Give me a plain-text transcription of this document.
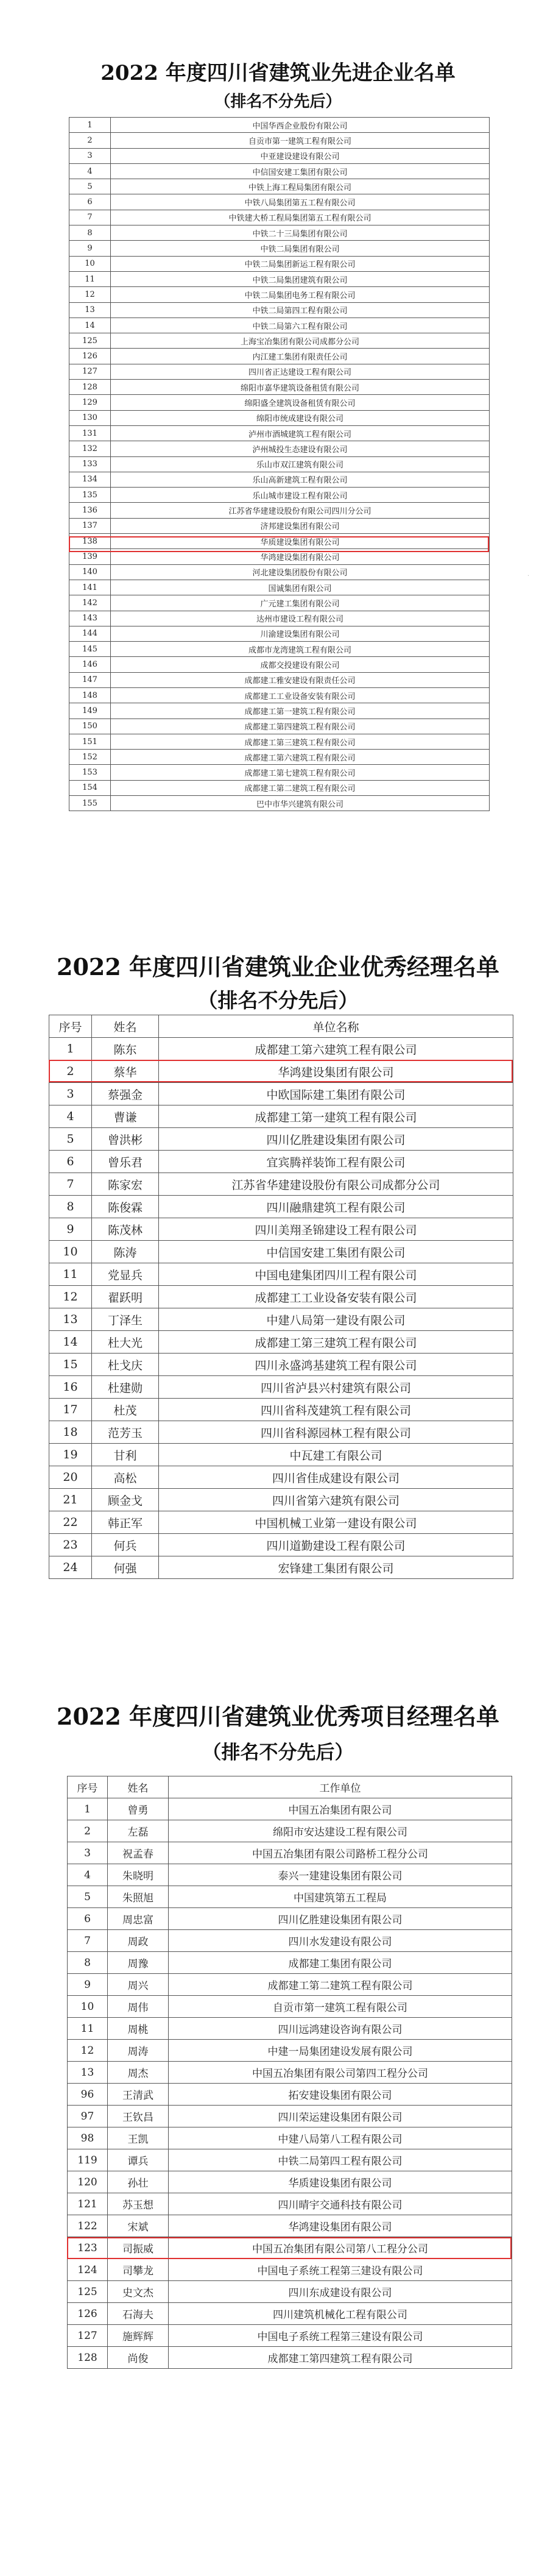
2022 年度四川省建筑业先进企业名单
（排名不分先后）
1	中国华西企业股份有限公司
2	自贡市第一建筑工程有限公司
3	中亚建设建设有限公司
4	中信国安建工集团有限公司
5	中铁上海工程局集团有限公司
6	中铁八局集团第五工程有限公司
7	中铁建大桥工程局集团第五工程有限公司
8	中铁二十三局集团有限公司
9	中铁二局集团有限公司
10	中铁二局集团新运工程有限公司
11	中铁二局集团建筑有限公司
12	中铁二局集团电务工程有限公司
13	中铁二局第四工程有限公司
14	中铁二局第六工程有限公司
125	上海宝冶集团有限公司成都分公司
126	内江建工集团有限责任公司
127	四川省正达建设工程有限公司
128	绵阳市嘉华建筑设备租赁有限公司
129	绵阳盛全建筑设备租赁有限公司
130	绵阳市统成建设有限公司
131	泸州市酒城建筑工程有限公司
132	泸州城投生态建设有限公司
133	乐山市双江建筑有限公司
134	乐山高新建筑工程有限公司
135	乐山城市建设工程有限公司
136	江苏省华建建设股份有限公司四川分公司
137	济邦建设集团有限公司
138	华质建设集团有限公司
139	华鸿建设集团有限公司
140	河北建设集团股份有限公司
141	国诚集团有限公司
142	广元建工集团有限公司
143	达州市建设工程有限公司
144	川渝建设集团有限公司
145	成都市龙湾建筑工程有限公司
146	成都交投建设有限公司
147	成都建工雅安建设有限责任公司
148	成都建工工业设备安装有限公司
149	成都建工第一建筑工程有限公司
150	成都建工第四建筑工程有限公司
151	成都建工第三建筑工程有限公司
152	成都建工第六建筑工程有限公司
153	成都建工第七建筑工程有限公司
154	成都建工第二建筑工程有限公司
155	巴中市华兴建筑有限公司
·
2022 年度四川省建筑业企业优秀经理名单
（排名不分先后）
序号	姓名	单位名称
1	陈东	成都建工第六建筑工程有限公司
2	蔡华	华鸿建设集团有限公司
3	蔡强金	中欧国际建工集团有限公司
4	曹谦	成都建工第一建筑工程有限公司
5	曾洪彬	四川亿胜建设集团有限公司
6	曾乐君	宜宾腾祥装饰工程有限公司
7	陈家宏	江苏省华建建设股份有限公司成都分公司
8	陈俊霖	四川融鼎建筑工程有限公司
9	陈茂林	四川美翔圣锦建设工程有限公司
10	陈涛	中信国安建工集团有限公司
11	党显兵	中国电建集团四川工程有限公司
12	翟跃明	成都建工工业设备安装有限公司
13	丁泽生	中建八局第一建设有限公司
14	杜大光	成都建工第三建筑工程有限公司
15	杜戈庆	四川永盛鸿基建筑工程有限公司
16	杜建勋	四川省泸县兴村建筑有限公司
17	杜茂	四川省科茂建筑工程有限公司
18	范芳玉	四川省科源园林工程有限公司
19	甘利	中瓦建工有限公司
20	高松	四川省佳成建设有限公司
21	顾金戈	四川省第六建筑有限公司
22	韩正军	中国机械工业第一建设有限公司
23	何兵	四川道勤建设工程有限公司
24	何强	宏锋建工集团有限公司
2022 年度四川省建筑业优秀项目经理名单
（排名不分先后）
序号	姓名	工作单位
1	曾勇	中国五冶集团有限公司
2	左磊	绵阳市安达建设工程有限公司
3	祝孟春	中国五冶集团有限公司路桥工程分公司
4	朱晓明	泰兴一建建设集团有限公司
5	朱照旭	中国建筑第五工程局
6	周忠富	四川亿胜建设集团有限公司
7	周政	四川水发建设有限公司
8	周豫	成都建工集团有限公司
9	周兴	成都建工第二建筑工程有限公司
10	周伟	自贡市第一建筑工程有限公司
11	周桃	四川远鸿建设咨询有限公司
12	周涛	中建一局集团建设发展有限公司
13	周杰	中国五冶集团有限公司第四工程分公司
96	王清武	拓安建设集团有限公司
97	王钦昌	四川荣运建设集团有限公司
98	王凯	中建八局第八工程有限公司
119	谭兵	中铁二局第四工程有限公司
120	孙壮	华质建设集团有限公司
121	苏玉想	四川晴宇交通科技有限公司
122	宋斌	华鸿建设集团有限公司
123	司振威	中国五冶集团有限公司第八工程分公司
124	司攀龙	中国电子系统工程第三建设有限公司
125	史文杰	四川东成建设有限公司
126	石海夫	四川建筑机械化工程有限公司
127	施辉辉	中国电子系统工程第三建设有限公司
128	尚俊	成都建工第四建筑工程有限公司
